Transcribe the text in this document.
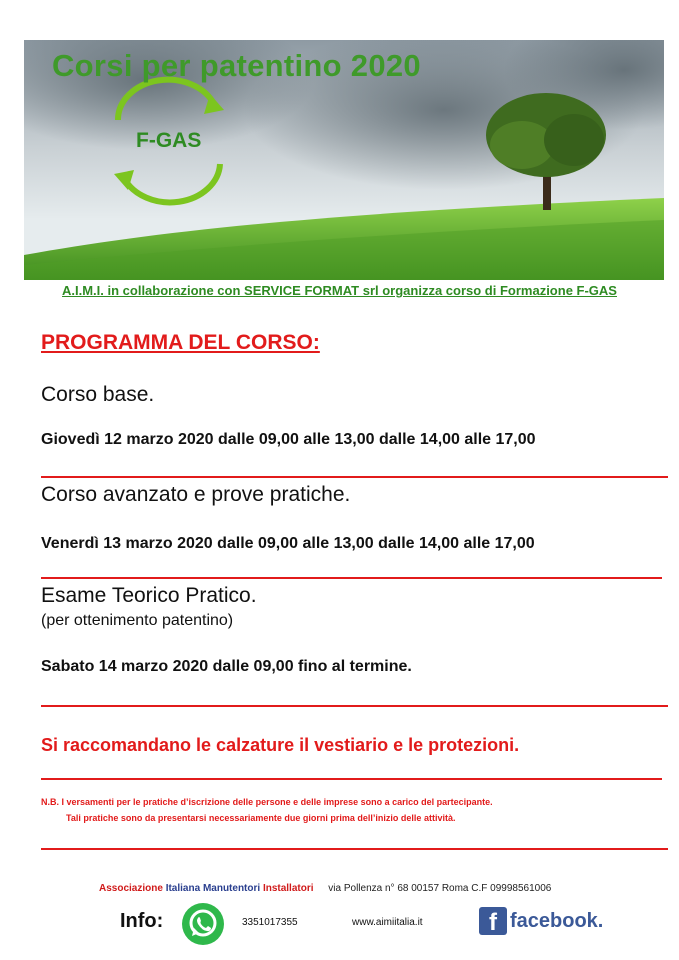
Corsi per patentino 2020
F-GAS
A.I.M.I. in collaborazione con SERVICE FORMAT srl organizza corso di Formazione F-GAS
PROGRAMMA DEL CORSO:
Corso base.
Giovedì 12 marzo 2020 dalle 09,00 alle 13,00 dalle 14,00 alle 17,00
Corso avanzato e prove pratiche.
Venerdì 13 marzo 2020 dalle 09,00 alle 13,00 dalle 14,00 alle 17,00
Esame Teorico Pratico.
(per ottenimento patentino)
Sabato 14 marzo 2020 dalle 09,00 fino al termine.
Si raccomandano le calzature il vestiario e le protezioni.
N.B. I versamenti per le pratiche d’iscrizione delle persone e delle imprese sono a carico del partecipante.
Tali pratiche sono da presentarsi necessariamente due giorni prima dell’inizio delle attività.
Associazione Italiana Manutentori Installatori via Pollenza n° 68 00157 Roma C.F 09998561006
Info:	3351017355	www.aimiitalia.it	f facebook.
